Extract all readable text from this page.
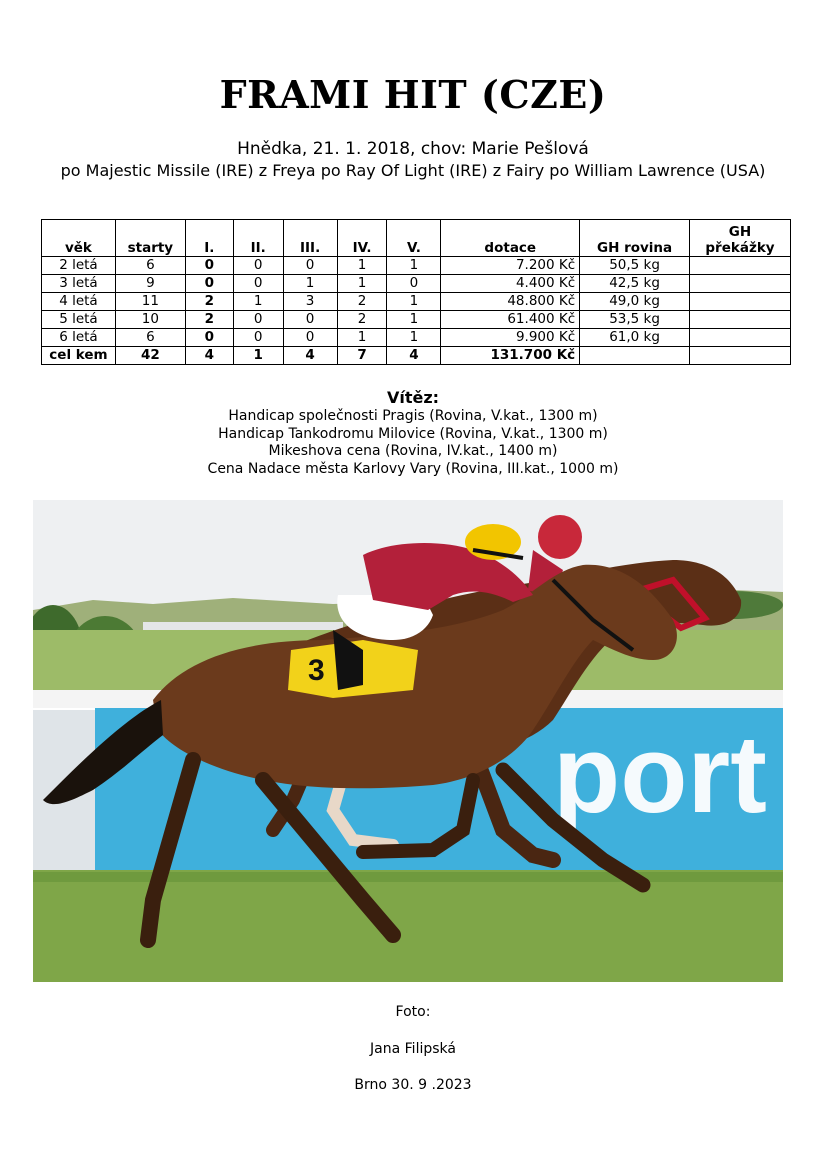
FRAMI HIT (CZE)
Hnědka, 21. 1. 2018, chov: Marie Pešlová
po Majestic Missile (IRE) z Freya po Ray Of Light (IRE) z Fairy po William Lawrence (USA)
věk	starty	I.	II.	III.	IV.	V.	dotace	GH rovina	GH překážky
2 letá	6	0	0	0	1	1	7.200 Kč	50,5 kg	
3 letá	9	0	0	1	1	0	4.400 Kč	42,5 kg	
4 letá	11	2	1	3	2	1	48.800 Kč	49,0 kg	
5 letá	10	2	0	0	2	1	61.400 Kč	53,5 kg	
6 letá	6	0	0	0	1	1	9.900 Kč	61,0 kg	
cel kem	42	4	1	4	7	4	131.700 Kč		
Vítěz:
Handicap společnosti Pragis (Rovina, V.kat., 1300 m)
Handicap Tankodromu Milovice (Rovina, V.kat., 1300 m)
Mikeshova cena (Rovina, IV.kat., 1400 m)
Cena Nadace města Karlovy Vary (Rovina, III.kat., 1000 m)
port
3
Foto:
Jana Filipská
Brno 30. 9 .2023
